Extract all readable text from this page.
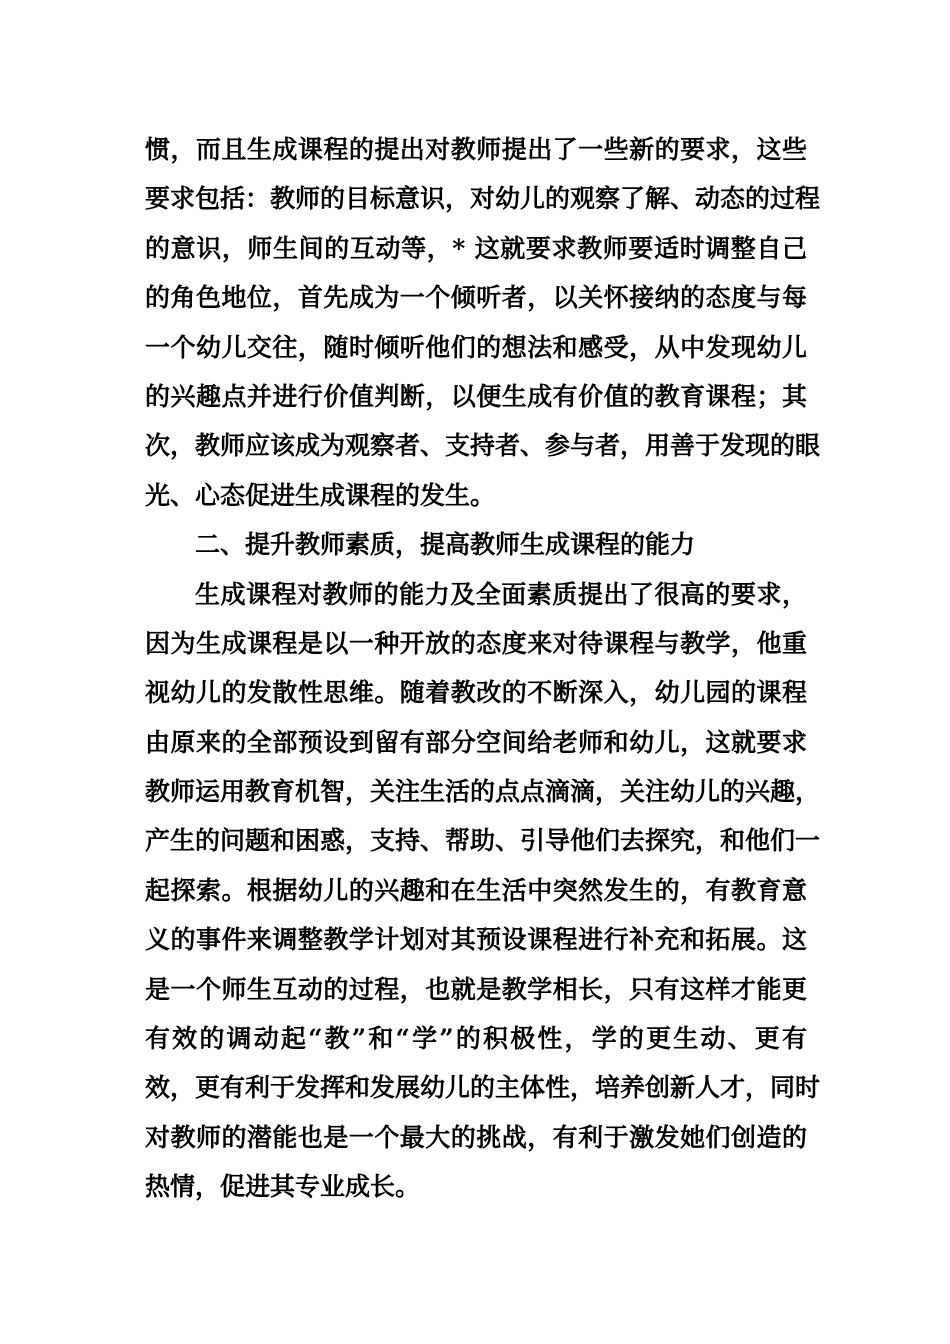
惯，而且生成课程的提出对教师提出了一些新的要求，这些
要求包括：教师的目标意识，对幼儿的观察了解、动态的过程
的意识，师生间的互动等，* 这就要求教师要适时调整自己
的角色地位，首先成为一个倾听者，以关怀接纳的态度与每
一个幼儿交往，随时倾听他们的想法和感受，从中发现幼儿
的兴趣点并进行价值判断，以便生成有价值的教育课程；其
次，教师应该成为观察者、支持者、参与者，用善于发现的眼
光、心态促进生成课程的发生。
二、提升教师素质，提高教师生成课程的能力
生成课程对教师的能力及全面素质提出了很高的要求，
因为生成课程是以一种开放的态度来对待课程与教学，他重
视幼儿的发散性思维。随着教改的不断深入，幼儿园的课程
由原来的全部预设到留有部分空间给老师和幼儿，这就要求
教师运用教育机智，关注生活的点点滴滴，关注幼儿的兴趣，
产生的问题和困惑，支持、帮助、引导他们去探究，和他们一
起探索。根据幼儿的兴趣和在生活中突然发生的，有教育意
义的事件来调整教学计划对其预设课程进行补充和拓展。这
是一个师生互动的过程，也就是教学相长，只有这样才能更
有效的调动起“教”和“学”的积极性，学的更生动、更有
效，更有利于发挥和发展幼儿的主体性，培养创新人才，同时
对教师的潜能也是一个最大的挑战，有利于激发她们创造的
热情，促进其专业成长。
